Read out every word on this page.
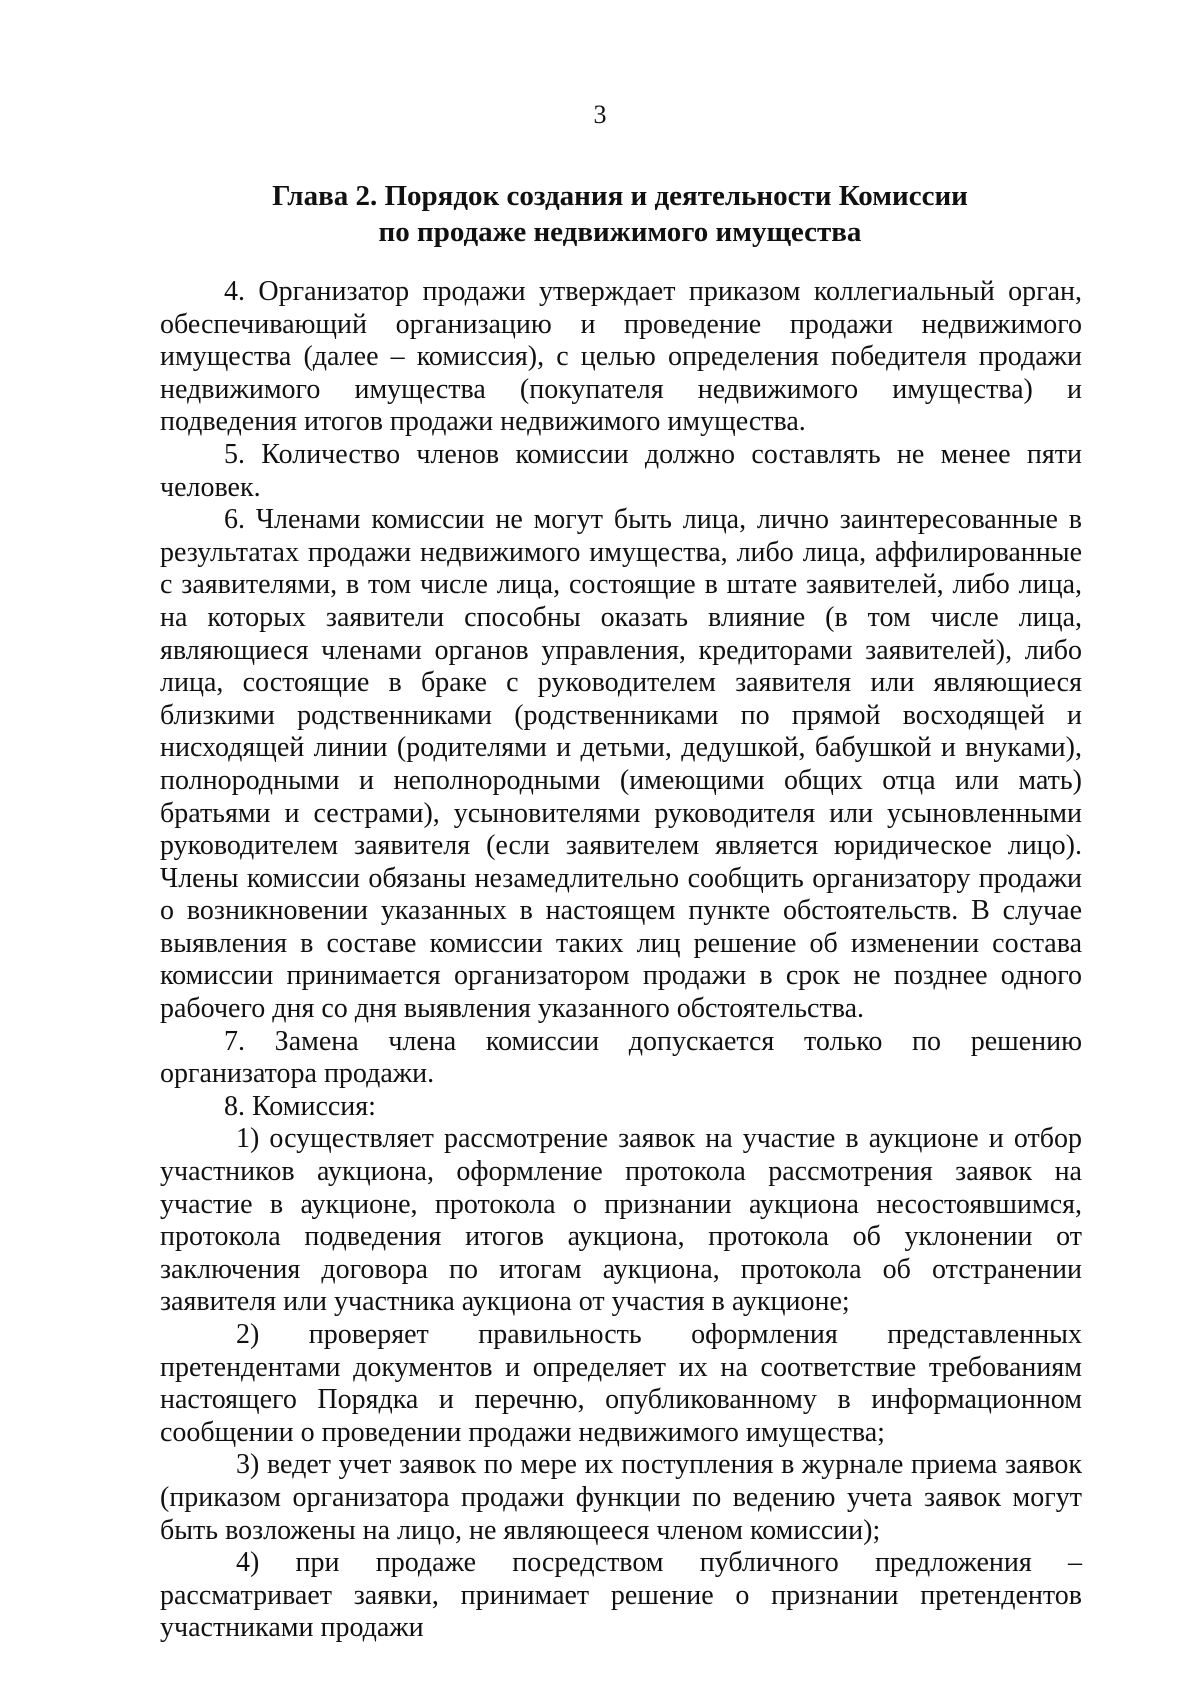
3
Глава 2. Порядок создания и деятельности Комиссии
по продаже недвижимого имущества

4. Организатор продажи утверждает приказом коллегиальный орган, обеспечивающий организацию и проведение продажи недвижимого имущества (далее – комиссия), с целью определения победителя продажи недвижимого имущества (покупателя недвижимого имущества) и подведения итогов продажи недвижимого имущества.

5. Количество членов комиссии должно составлять не менее пяти человек.

6. Членами комиссии не могут быть лица, лично заинтересованные в результатах продажи недвижимого имущества, либо лица, аффилированные с заявителями, в том числе лица, состоящие в штате заявителей, либо лица, на которых заявители способны оказать влияние (в том числе лица, являющиеся членами органов управления, кредиторами заявителей), либо лица, состоящие в браке с руководителем заявителя или являющиеся близкими родственниками (родственниками по прямой восходящей и нисходящей линии (родителями и детьми, дедушкой, бабушкой и внуками), полнородными и неполнородными (имеющими общих отца или мать) братьями и сестрами), усыновителями руководителя или усыновленными руководителем заявителя (если заявителем является юридическое лицо). Члены комиссии обязаны незамедлительно сообщить организатору продажи о возникновении указанных в настоящем пункте обстоятельств. В случае выявления в составе комиссии таких лиц решение об изменении состава комиссии принимается организатором продажи в срок не позднее одного рабочего дня со дня выявления указанного обстоятельства.

7. Замена члена комиссии допускается только по решению организатора продажи.

8. Комиссия:

1) осуществляет рассмотрение заявок на участие в аукционе и отбор участников аукциона, оформление протокола рассмотрения заявок на участие в аукционе, протокола о признании аукциона несостоявшимся, протокола подведения итогов аукциона, протокола об уклонении от заключения договора по итогам аукциона, протокола об отстранении заявителя или участника аукциона от участия в аукционе;

2) проверяет правильность оформления представленных претендентами документов и определяет их на соответствие требованиям настоящего Порядка и перечню, опубликованному в информационном сообщении о проведении продажи недвижимого имущества;

3) ведет учет заявок по мере их поступления в журнале приема заявок (приказом организатора продажи функции по ведению учета заявок могут быть возложены на лицо, не являющееся членом комиссии);

4) при продаже посредством публичного предложения – рассматривает заявки, принимает решение о признании претендентов участниками продажи
